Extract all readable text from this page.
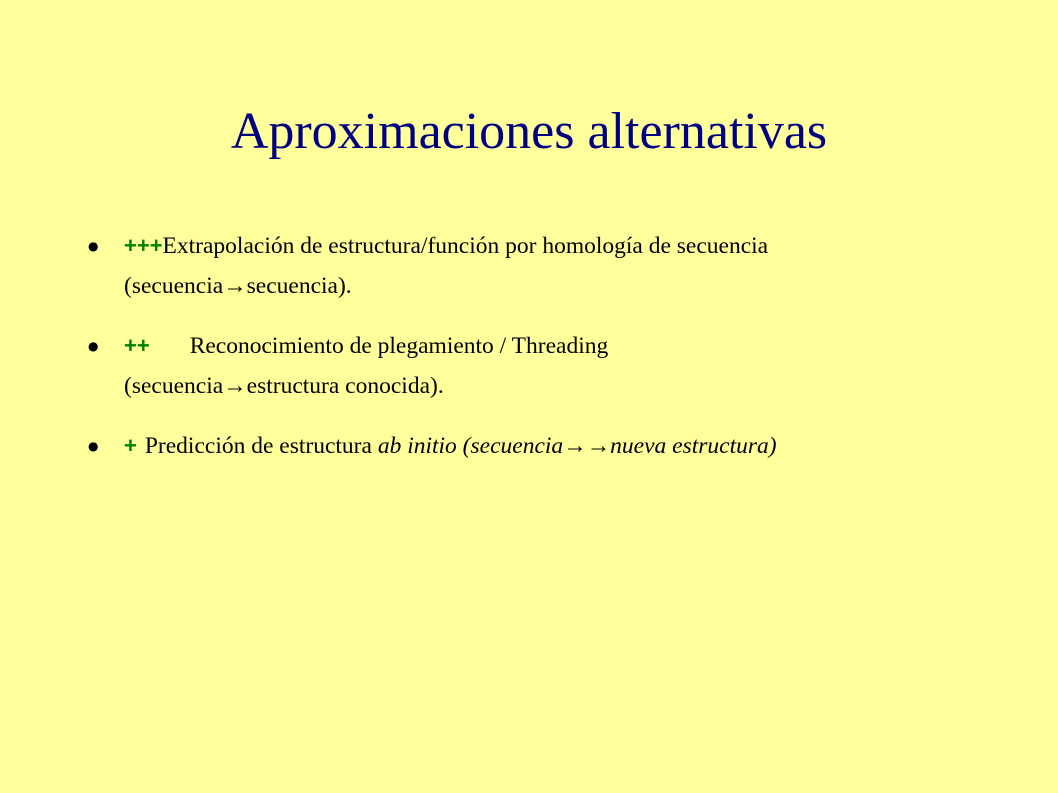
Aproximaciones alternativas
● +++Extrapolación de estructura/función por homología de secuencia
(secuencia→secuencia).
● ++ Reconocimiento de plegamiento / Threading
(secuencia→estructura conocida).
● + Predicción de estructura ab initio (secuencia→→nueva estructura)
